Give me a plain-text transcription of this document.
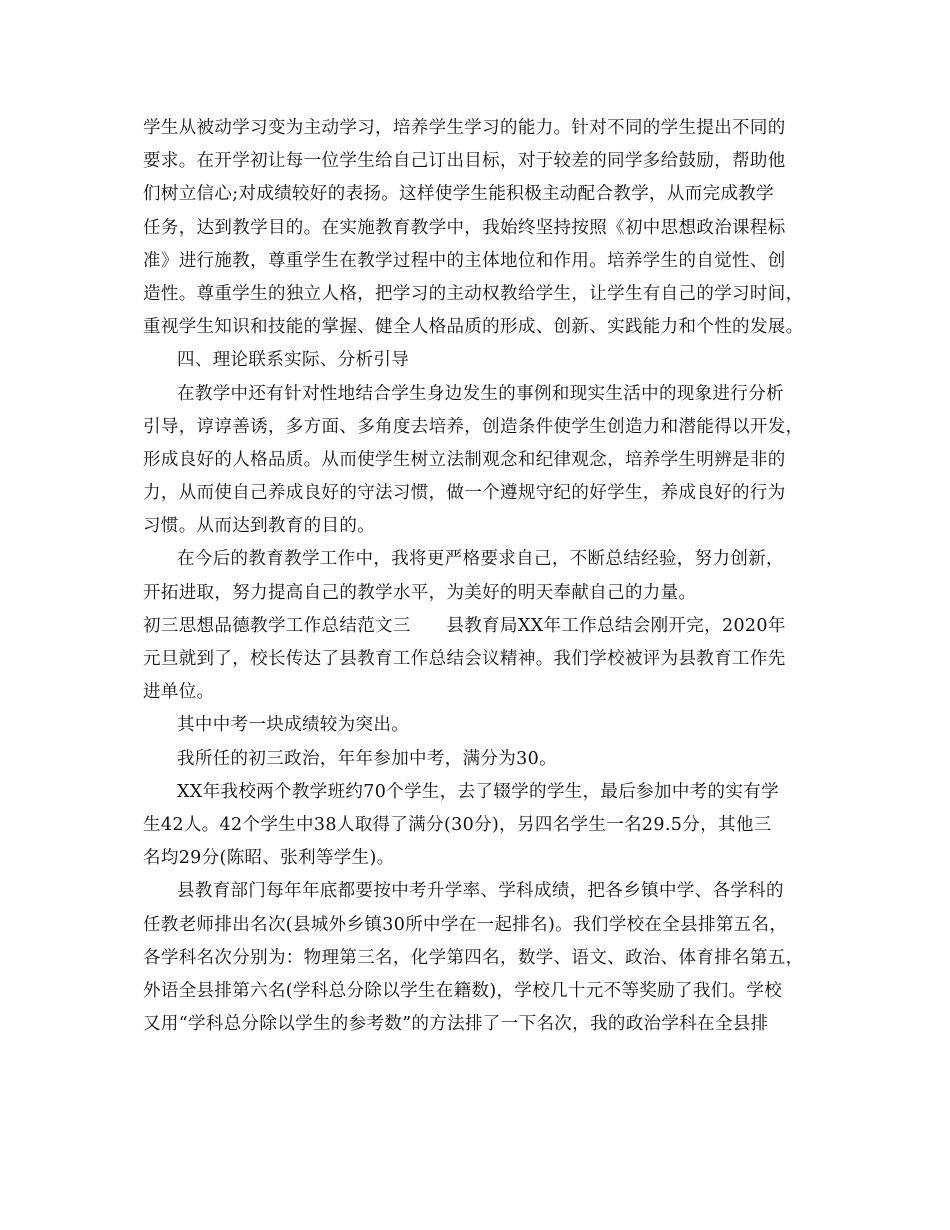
学生从被动学习变为主动学习，培养学生学习的能力。针对不同的学生提出不同的
要求。在开学初让每一位学生给自己订出目标，对于较差的同学多给鼓励，帮助他
们树立信心;对成绩较好的表扬。这样使学生能积极主动配合教学，从而完成教学
任务，达到教学目的。在实施教育教学中，我始终坚持按照《初中思想政治课程标
准》进行施教，尊重学生在教学过程中的主体地位和作用。培养学生的自觉性、创
造性。尊重学生的独立人格，把学习的主动权教给学生，让学生有自己的学习时间，
重视学生知识和技能的掌握、健全人格品质的形成、创新、实践能力和个性的发展。
四、理论联系实际、分析引导
在教学中还有针对性地结合学生身边发生的事例和现实生活中的现象进行分析
引导，谆谆善诱，多方面、多角度去培养，创造条件使学生创造力和潜能得以开发，
形成良好的人格品质。从而使学生树立法制观念和纪律观念，培养学生明辨是非的
力，从而使自己养成良好的守法习惯，做一个遵规守纪的好学生，养成良好的行为
习惯。从而达到教育的目的。
在今后的教育教学工作中，我将更严格要求自己，不断总结经验，努力创新，
开拓进取，努力提高自己的教学水平，为美好的明天奉献自己的力量。
初三思想品德教学工作总结范文三　　县教育局XX年工作总结会刚开完，2020年
元旦就到了，校长传达了县教育工作总结会议精神。我们学校被评为县教育工作先
进单位。
其中中考一块成绩较为突出。
我所任的初三政治，年年参加中考，满分为30。
XX年我校两个教学班约70个学生，去了辍学的学生，最后参加中考的实有学
生42人。42个学生中38人取得了满分(30分)，另四名学生一名29.5分，其他三
名均29分(陈昭、张利等学生)。
县教育部门每年年底都要按中考升学率、学科成绩，把各乡镇中学、各学科的
任教老师排出名次(县城外乡镇30所中学在一起排名)。我们学校在全县排第五名，
各学科名次分别为：物理第三名，化学第四名，数学、语文、政治、体育排名第五，
外语全县排第六名(学科总分除以学生在籍数)，学校几十元不等奖励了我们。学校
又用“学科总分除以学生的参考数”的方法排了一下名次，我的政治学科在全县排
